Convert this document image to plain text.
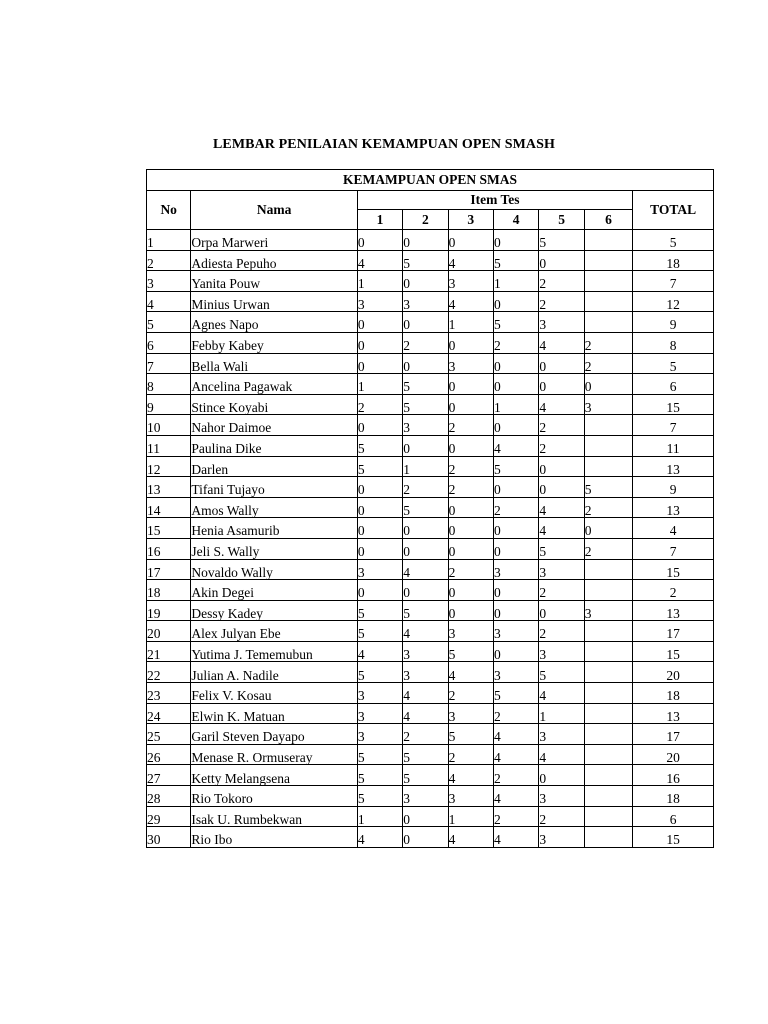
LEMBAR PENILAIAN KEMAMPUAN OPEN SMASH
KEMAMPUAN OPEN SMAS								
No	Nama	Item Tes						TOTAL
		1	2	3	4	5	6	
1	Orpa Marweri	0	0	0	0	5		5
2	Adiesta Pepuho	4	5	4	5	0		18
3	Yanita Pouw	1	0	3	1	2		7
4	Minius Urwan	3	3	4	0	2		12
5	Agnes Napo	0	0	1	5	3		9
6	Febby Kabey	0	2	0	2	4	2	8
7	Bella Wali	0	0	3	0	0	2	5
8	Ancelina Pagawak	1	5	0	0	0	0	6
9	Stince Koyabi	2	5	0	1	4	3	15
10	Nahor Daimoe	0	3	2	0	2		7
11	Paulina Dike	5	0	0	4	2		11
12	Darlen	5	1	2	5	0		13
13	Tifani Tujayo	0	2	2	0	0	5	9
14	Amos Wally	0	5	0	2	4	2	13
15	Henia Asamurib	0	0	0	0	4	0	4
16	Jeli S. Wally	0	0	0	0	5	2	7
17	Novaldo Wally	3	4	2	3	3		15
18	Akin Degei	0	0	0	0	2		2
19	Dessy Kadey	5	5	0	0	0	3	13
20	Alex Julyan Ebe	5	4	3	3	2		17
21	Yutima J. Tememubun	4	3	5	0	3		15
22	Julian A. Nadile	5	3	4	3	5		20
23	Felix V. Kosau	3	4	2	5	4		18
24	Elwin K. Matuan	3	4	3	2	1		13
25	Garil Steven Dayapo	3	2	5	4	3		17
26	Menase R. Ormuseray	5	5	2	4	4		20
27	Ketty Melangsena	5	5	4	2	0		16
28	Rio Tokoro	5	3	3	4	3		18
29	Isak U. Rumbekwan	1	0	1	2	2		6
30	Rio Ibo	4	0	4	4	3		15
